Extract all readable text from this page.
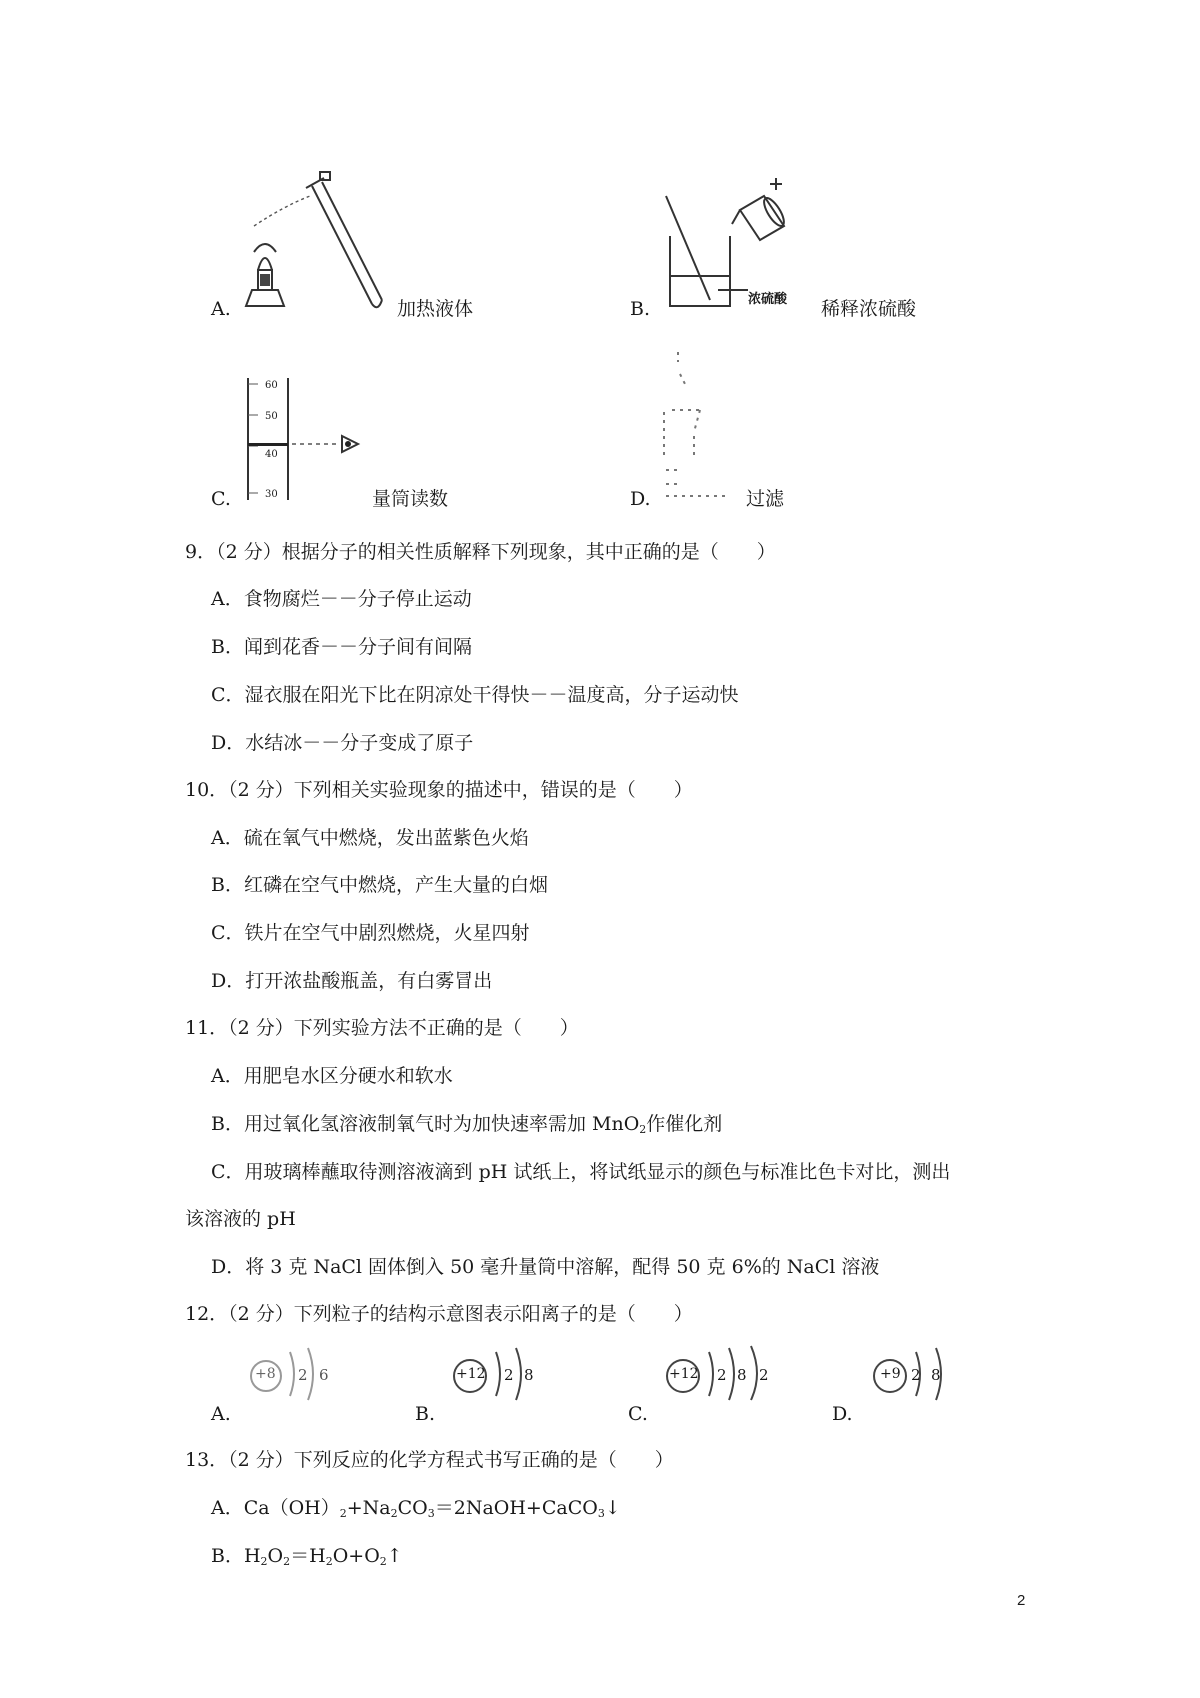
A.	加热液体	B.	浓硫酸 稀释浓硫酸
C.
60
50
40
30	量筒读数	D.	过滤
9．（2 分）根据分子的相关性质解释下列现象，其中正确的是（　　）
A．食物腐烂－－分子停止运动
B．闻到花香－－分子间有间隔
C．湿衣服在阳光下比在阴凉处干得快－－温度高，分子运动快
D．水结冰－－分子变成了原子
10．（2 分）下列相关实验现象的描述中，错误的是（　　）
A．硫在氧气中燃烧，发出蓝紫色火焰
B．红磷在空气中燃烧，产生大量的白烟
C．铁片在空气中剧烈燃烧，火星四射
D．打开浓盐酸瓶盖，有白雾冒出
11．（2 分）下列实验方法不正确的是（　　）
A．用肥皂水区分硬水和软水
B．用过氧化氢溶液制氧气时为加快速率需加 MnO$_2$作催化剂
C．用玻璃棒蘸取待测溶液滴到 pH 试纸上，将试纸显示的颜色与标准比色卡对比，测出
该溶液的 pH
D．将 3 克 NaCl 固体倒入 50 毫升量筒中溶解，配得 50 克 6%的 NaCl 溶液
12．（2 分）下列粒子的结构示意图表示阳离子的是（　　）
A.
+8 2 6
B.
+12 2 8
C.
+12 2 8 2
D.
+9 2 8
13．（2 分）下列反应的化学方程式书写正确的是（　　）
A．$Ca(OH)_2+Na_2CO_3=2NaOH+CaCO_3↓$
B．$H_2O_2=H_2O+O_2↑$
2
